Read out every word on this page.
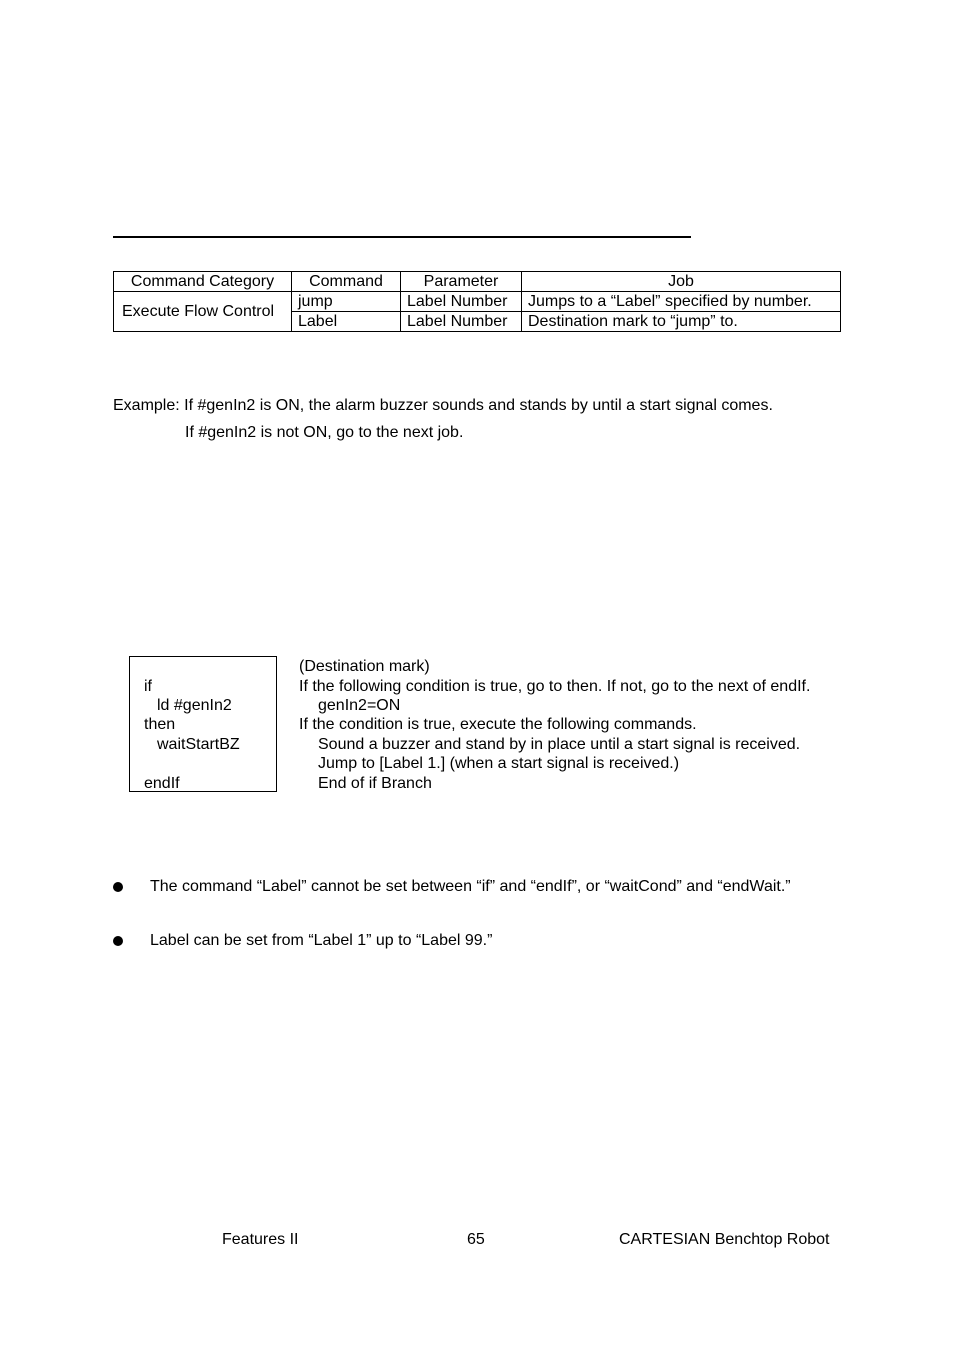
Command Category	Command	Parameter	Job
Execute Flow Control	jump	Label Number	Jumps to a “Label” specified by number.
	Label	Label Number	Destination mark to “jump” to.
Example: If #genIn2 is ON, the alarm buzzer sounds and stands by until a start signal comes.
If #genIn2 is not ON, go to the next job.
if
ld #genIn2
then
waitStartBZ
endIf
(Destination mark)
If the following condition is true, go to then. If not, go to the next of endIf.
genIn2=ON
If the condition is true, execute the following commands.
Sound a buzzer and stand by in place until a start signal is received.
Jump to [Label 1.] (when a start signal is received.)
End of if Branch
The command “Label” cannot be set between “if” and “endIf”, or “waitCond” and “endWait.”
Label can be set from “Label 1” up to “Label 99.”
Features II	65	CARTESIAN Benchtop Robot
